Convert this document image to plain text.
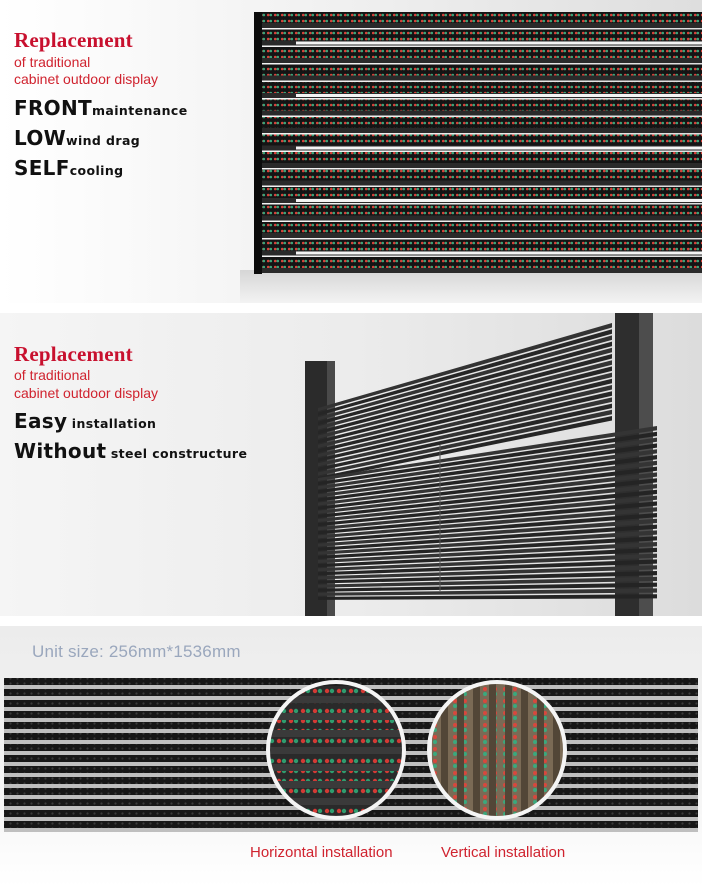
Replacement
of traditional
cabinet outdoor display
FRONTmaintenance
LOWwind drag
SELFcooling
Replacement
of traditional
cabinet outdoor display
Easy installation
Without steel constructure
Unit size: 256mm*1536mm
Horizontal installation	Vertical installation
